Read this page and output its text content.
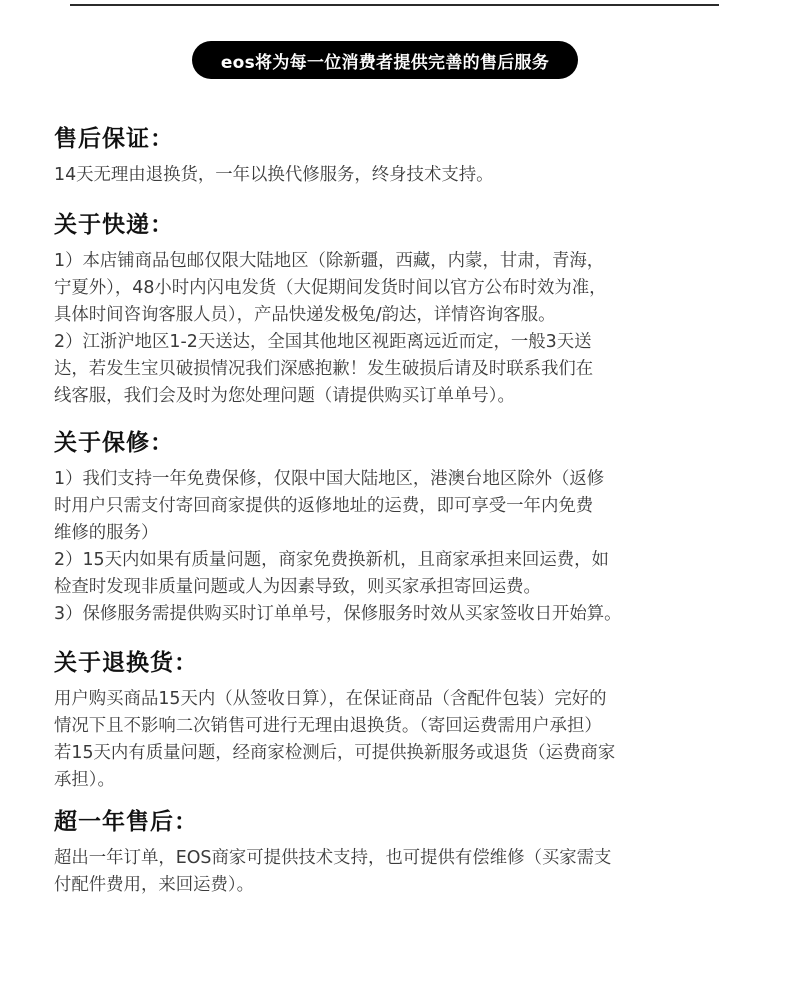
eos将为每一位消费者提供完善的售后服务
售后保证：
14天无理由退换货，一年以换代修服务，终身技术支持。
关于快递：
1）本店铺商品包邮仅限大陆地区（除新疆，西藏，内蒙，甘肃，青海，
宁夏外），48小时内闪电发货（大促期间发货时间以官方公布时效为准，
具体时间咨询客服人员），产品快递发极兔/韵达，详情咨询客服。
2）江浙沪地区1-2天送达，全国其他地区视距离远近而定，一般3天送
达，若发生宝贝破损情况我们深感抱歉！发生破损后请及时联系我们在
线客服，我们会及时为您处理问题（请提供购买订单单号）。
关于保修：
1）我们支持一年免费保修，仅限中国大陆地区，港澳台地区除外（返修
时用户只需支付寄回商家提供的返修地址的运费，即可享受一年内免费
维修的服务）
2）15天内如果有质量问题，商家免费换新机，且商家承担来回运费，如
检查时发现非质量问题或人为因素导致，则买家承担寄回运费。
3）保修服务需提供购买时订单单号，保修服务时效从买家签收日开始算。
关于退换货：
用户购买商品15天内（从签收日算），在保证商品（含配件包装）完好的
情况下且不影响二次销售可进行无理由退换货。（寄回运费需用户承担）
若15天内有质量问题，经商家检测后，可提供换新服务或退货（运费商家
承担）。
超一年售后：
超出一年订单，EOS商家可提供技术支持，也可提供有偿维修（买家需支
付配件费用，来回运费）。
